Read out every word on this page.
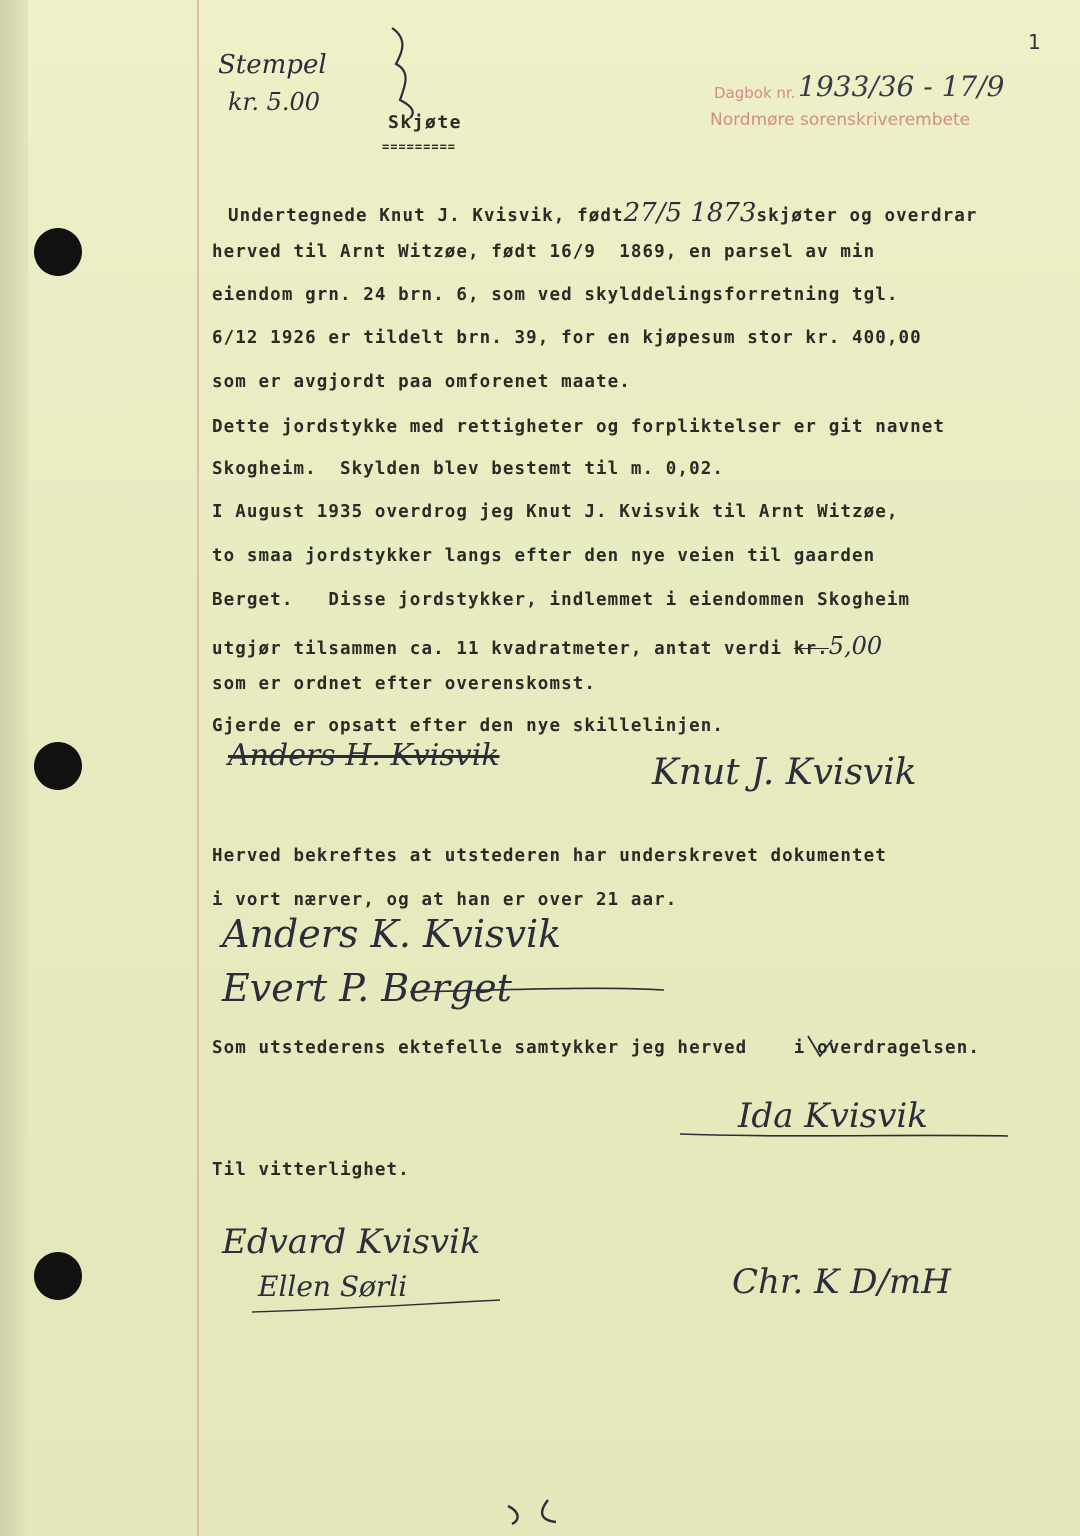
1
Stempel
kr. 5.00	Dagbok nr. 1933/36 - 17/9
Nordmøre sorenskriverembete
Skjøte
=========
Undertegnede Knut J. Kvisvik, født27/5 1873skjøter og overdrar
herved til Arnt Witzøe, født 16/9  1869, en parsel av min
eiendom grn. 24 brn. 6, som ved skylddelingsforretning tgl.
6/12 1926 er tildelt brn. 39, for en kjøpesum stor kr. 400,00
som er avgjordt paa omforenet maate.
Dette jordstykke med rettigheter og forpliktelser er git navnet
Skogheim.  Skylden blev bestemt til m. 0,02.
I August 1935 overdrog jeg Knut J. Kvisvik til Arnt Witzøe,
to smaa jordstykker langs efter den nye veien til gaarden
Berget.   Disse jordstykker, indlemmet i eiendommen Skogheim
utgjør tilsammen ca. 11 kvadratmeter, antat verdi kr.5,00
som er ordnet efter overenskomst.
Gjerde er opsatt efter den nye skillelinjen.
Anders H. Kvisvik	Knut J. Kvisvik
Herved bekreftes at utstederen har underskrevet dokumentet
i vort nærver, og at han er over 21 aar.
Anders K. Kvisvik
Evert P. Berget
Som utstederens ektefelle samtykker jeg herved    i overdragelsen.
Ida Kvisvik
Til vitterlighet.
Edvard Kvisvik
Ellen Sørli	Chr. K D/mH
